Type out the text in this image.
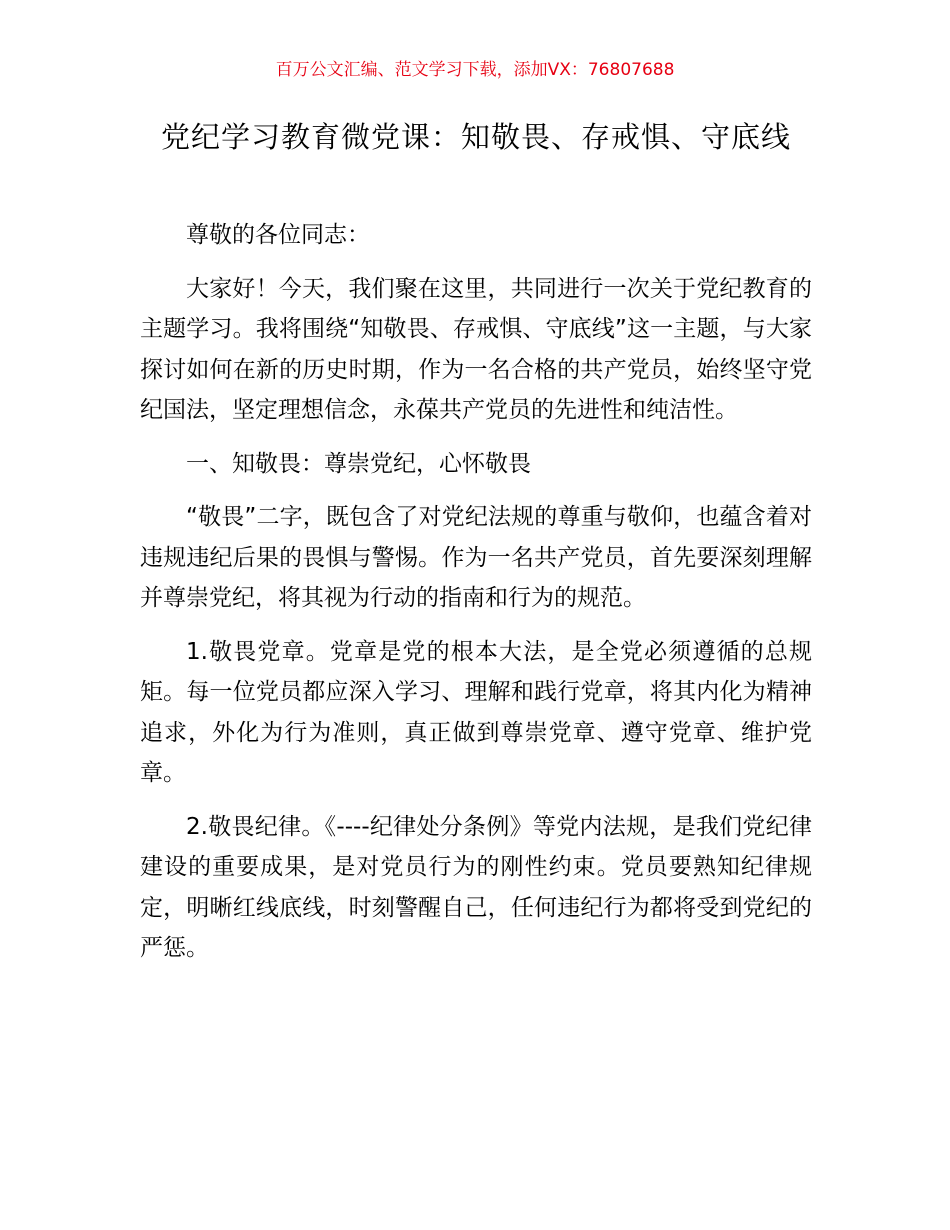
百万公文汇编、范文学习下载，添加VX：76807688
党纪学习教育微党课：知敬畏、存戒惧、守底线

尊敬的各位同志：

大家好！今天，我们聚在这里，共同进行一次关于党纪教育的主题学习。我将围绕“知敬畏、存戒惧、守底线”这一主题，与大家探讨如何在新的历史时期，作为一名合格的共产党员，始终坚守党纪国法，坚定理想信念，永葆共产党员的先进性和纯洁性。

一、知敬畏：尊崇党纪，心怀敬畏

“敬畏”二字，既包含了对党纪法规的尊重与敬仰，也蕴含着对违规违纪后果的畏惧与警惕。作为一名共产党员，首先要深刻理解并尊崇党纪，将其视为行动的指南和行为的规范。

1.敬畏党章。党章是党的根本大法，是全党必须遵循的总规矩。每一位党员都应深入学习、理解和践行党章，将其内化为精神追求，外化为行为准则，真正做到尊崇党章、遵守党章、维护党章。

2.敬畏纪律。《----纪律处分条例》等党内法规，是我们党纪律建设的重要成果，是对党员行为的刚性约束。党员要熟知纪律规定，明晰红线底线，时刻警醒自己，任何违纪行为都将受到党纪的严惩。
